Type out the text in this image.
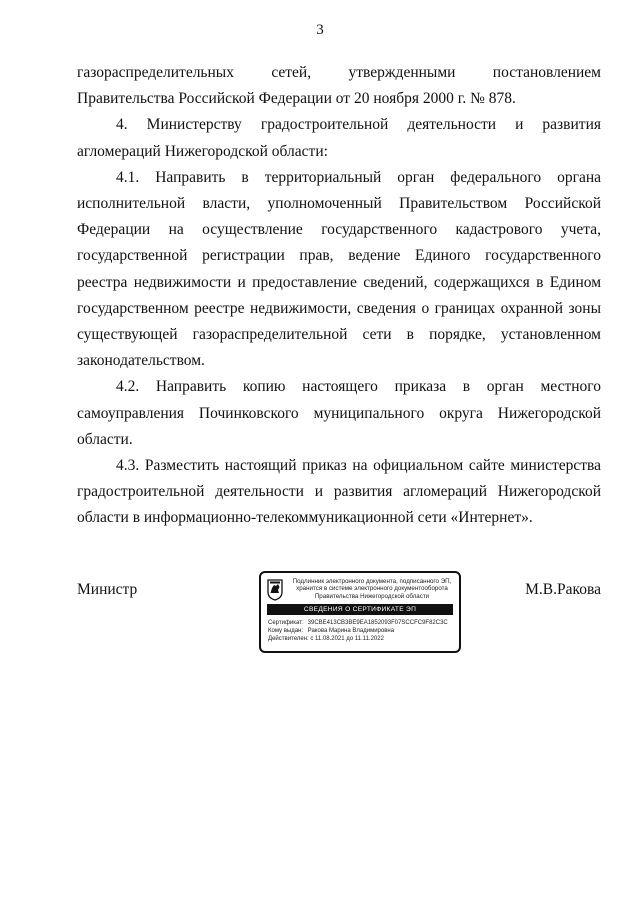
3

газораспределительных сетей, утвержденными постановлением Правительства Российской Федерации от 20 ноября 2000 г. № 878.

4. Министерству градостроительной деятельности и развития агломераций Нижегородской области:

4.1. Направить в территориальный орган федерального органа исполнительной власти, уполномоченный Правительством Российской Федерации на осуществление государственного кадастрового учета, государственной регистрации прав, ведение Единого государственного реестра недвижимости и предоставление сведений, содержащихся в Едином государственном реестре недвижимости, сведения о границах охранной зоны существующей газораспределительной сети в порядке, установленном законодательством.

4.2. Направить копию настоящего приказа в орган местного самоуправления Починковского муниципального округа Нижегородской области.

4.3. Разместить настоящий приказ на официальном сайте министерства градостроительной деятельности и развития агломераций Нижегородской области в информационно-телекоммуникационной сети «Интернет».

Министр	Подлинник электронного документа, подписанного ЭП, хранится в системе электронного документооборота Правительства Нижегородской области
СВЕДЕНИЯ О СЕРТИФИКАТЕ ЭП
Сертификат: 39CBE413CB3BE9EA1852093F07SCCFC9F82C3C
Кому выдан: Ракова Марина Владимировна
Действителен: с 11.08.2021 до 11.11.2022
М.В.Ракова
